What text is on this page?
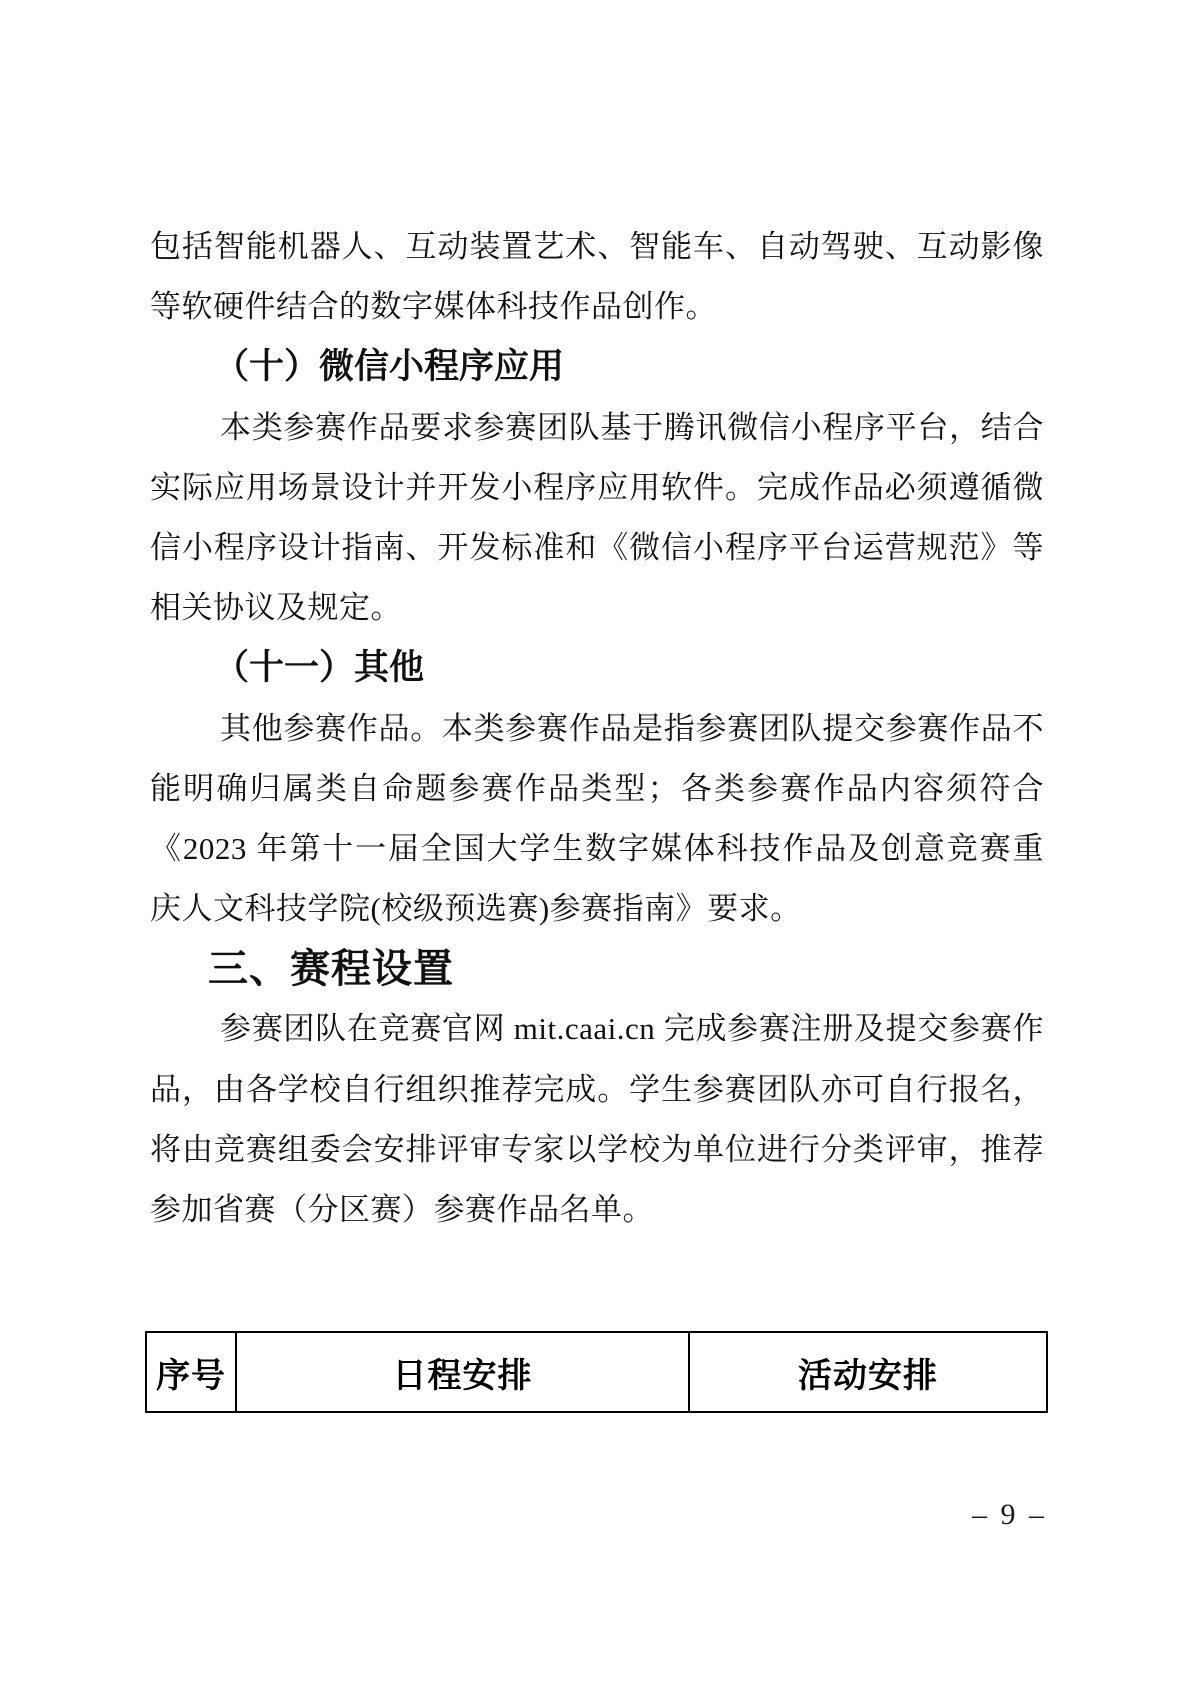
包括智能机器人、互动装置艺术、智能车、自动驾驶、互动影像
等软硬件结合的数字媒体科技作品创作。
（十）微信小程序应用
本类参赛作品要求参赛团队基于腾讯微信小程序平台，结合
实际应用场景设计并开发小程序应用软件。完成作品必须遵循微
信小程序设计指南、开发标准和《微信小程序平台运营规范》等
相关协议及规定。
（十一）其他
其他参赛作品。本类参赛作品是指参赛团队提交参赛作品不
能明确归属类自命题参赛作品类型；各类参赛作品内容须符合
《2023 年第十一届全国大学生数字媒体科技作品及创意竞赛重
庆人文科技学院(校级预选赛)参赛指南》要求。
三、赛程设置
参赛团队在竞赛官网 mit.caai.cn 完成参赛注册及提交参赛作
品，由各学校自行组织推荐完成。学生参赛团队亦可自行报名，
将由竞赛组委会安排评审专家以学校为单位进行分类评审，推荐
参加省赛（分区赛）参赛作品名单。
序号	日程安排	活动安排
– 9 –
